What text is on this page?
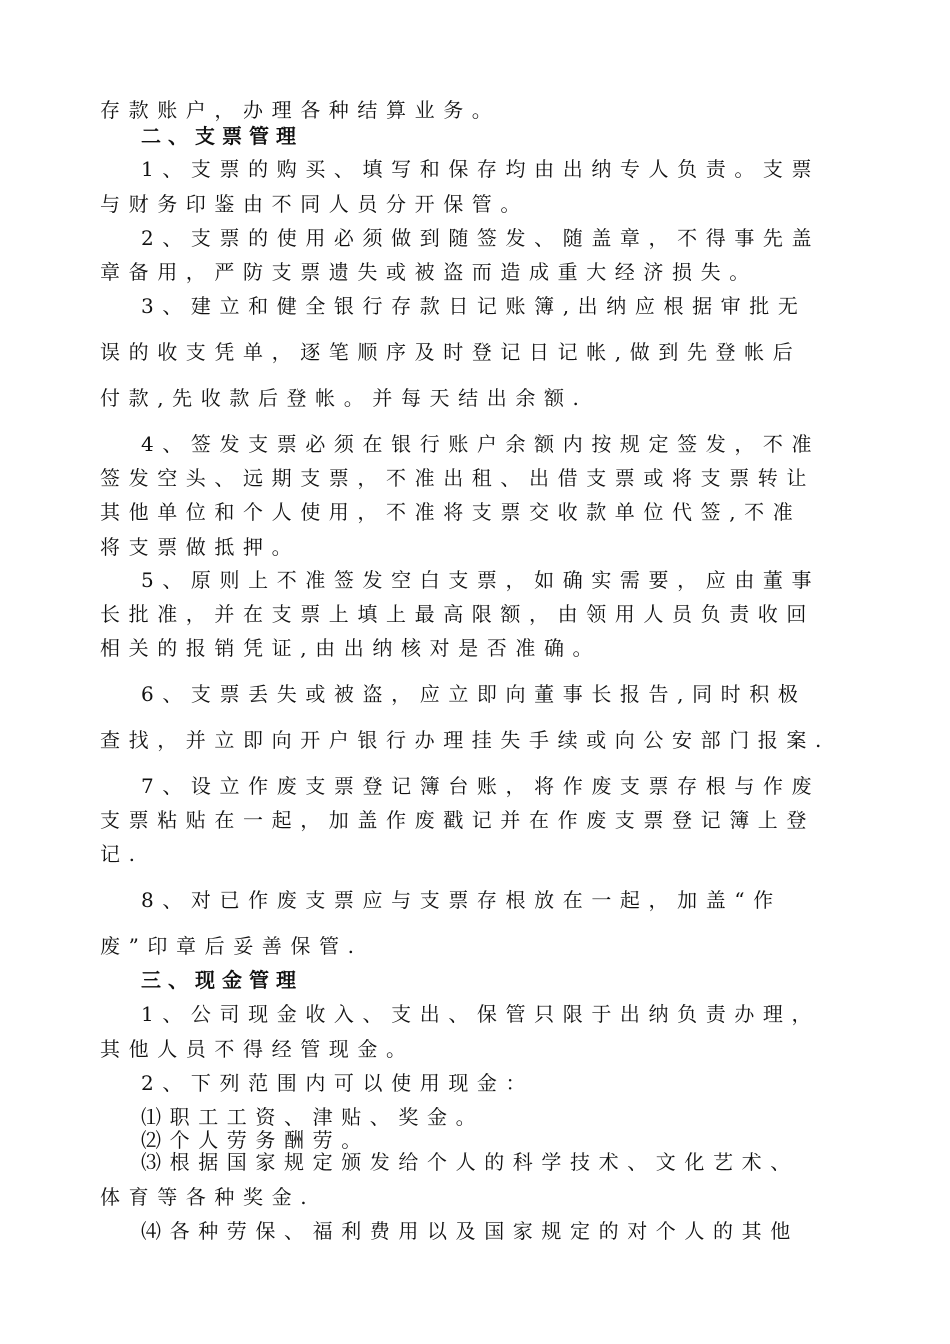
存款账户，办理各种结算业务。
二、支票管理
1、支票的购买、填写和保存均由出纳专人负责。支票
与财务印鉴由不同人员分开保管。
2、支票的使用必须做到随签发、随盖章，不得事先盖
章备用，严防支票遗失或被盗而造成重大经济损失。
3、建立和健全银行存款日记账簿,出纳应根据审批无
误的收支凭单，逐笔顺序及时登记日记帐,做到先登帐后
付款,先收款后登帐。并每天结出余额.
4、签发支票必须在银行账户余额内按规定签发，不准
签发空头、远期支票，不准出租、出借支票或将支票转让
其他单位和个人使用，不准将支票交收款单位代签,不准
将支票做抵押。
5、原则上不准签发空白支票，如确实需要，应由董事
长批准，并在支票上填上最高限额，由领用人员负责收回
相关的报销凭证,由出纳核对是否准确。
6、支票丢失或被盗，应立即向董事长报告,同时积极
查找，并立即向开户银行办理挂失手续或向公安部门报案.
7、设立作废支票登记簿台账，将作废支票存根与作废
支票粘贴在一起，加盖作废戳记并在作废支票登记簿上登
记.
8、对已作废支票应与支票存根放在一起，加盖“作
废”印章后妥善保管.
三、现金管理
1、公司现金收入、支出、保管只限于出纳负责办理，
其他人员不得经管现金。
2、下列范围内可以使用现金：
⑴职工工资、津贴、奖金。
⑵个人劳务酬劳。
⑶根据国家规定颁发给个人的科学技术、文化艺术、
体育等各种奖金.
⑷各种劳保、福利费用以及国家规定的对个人的其他
